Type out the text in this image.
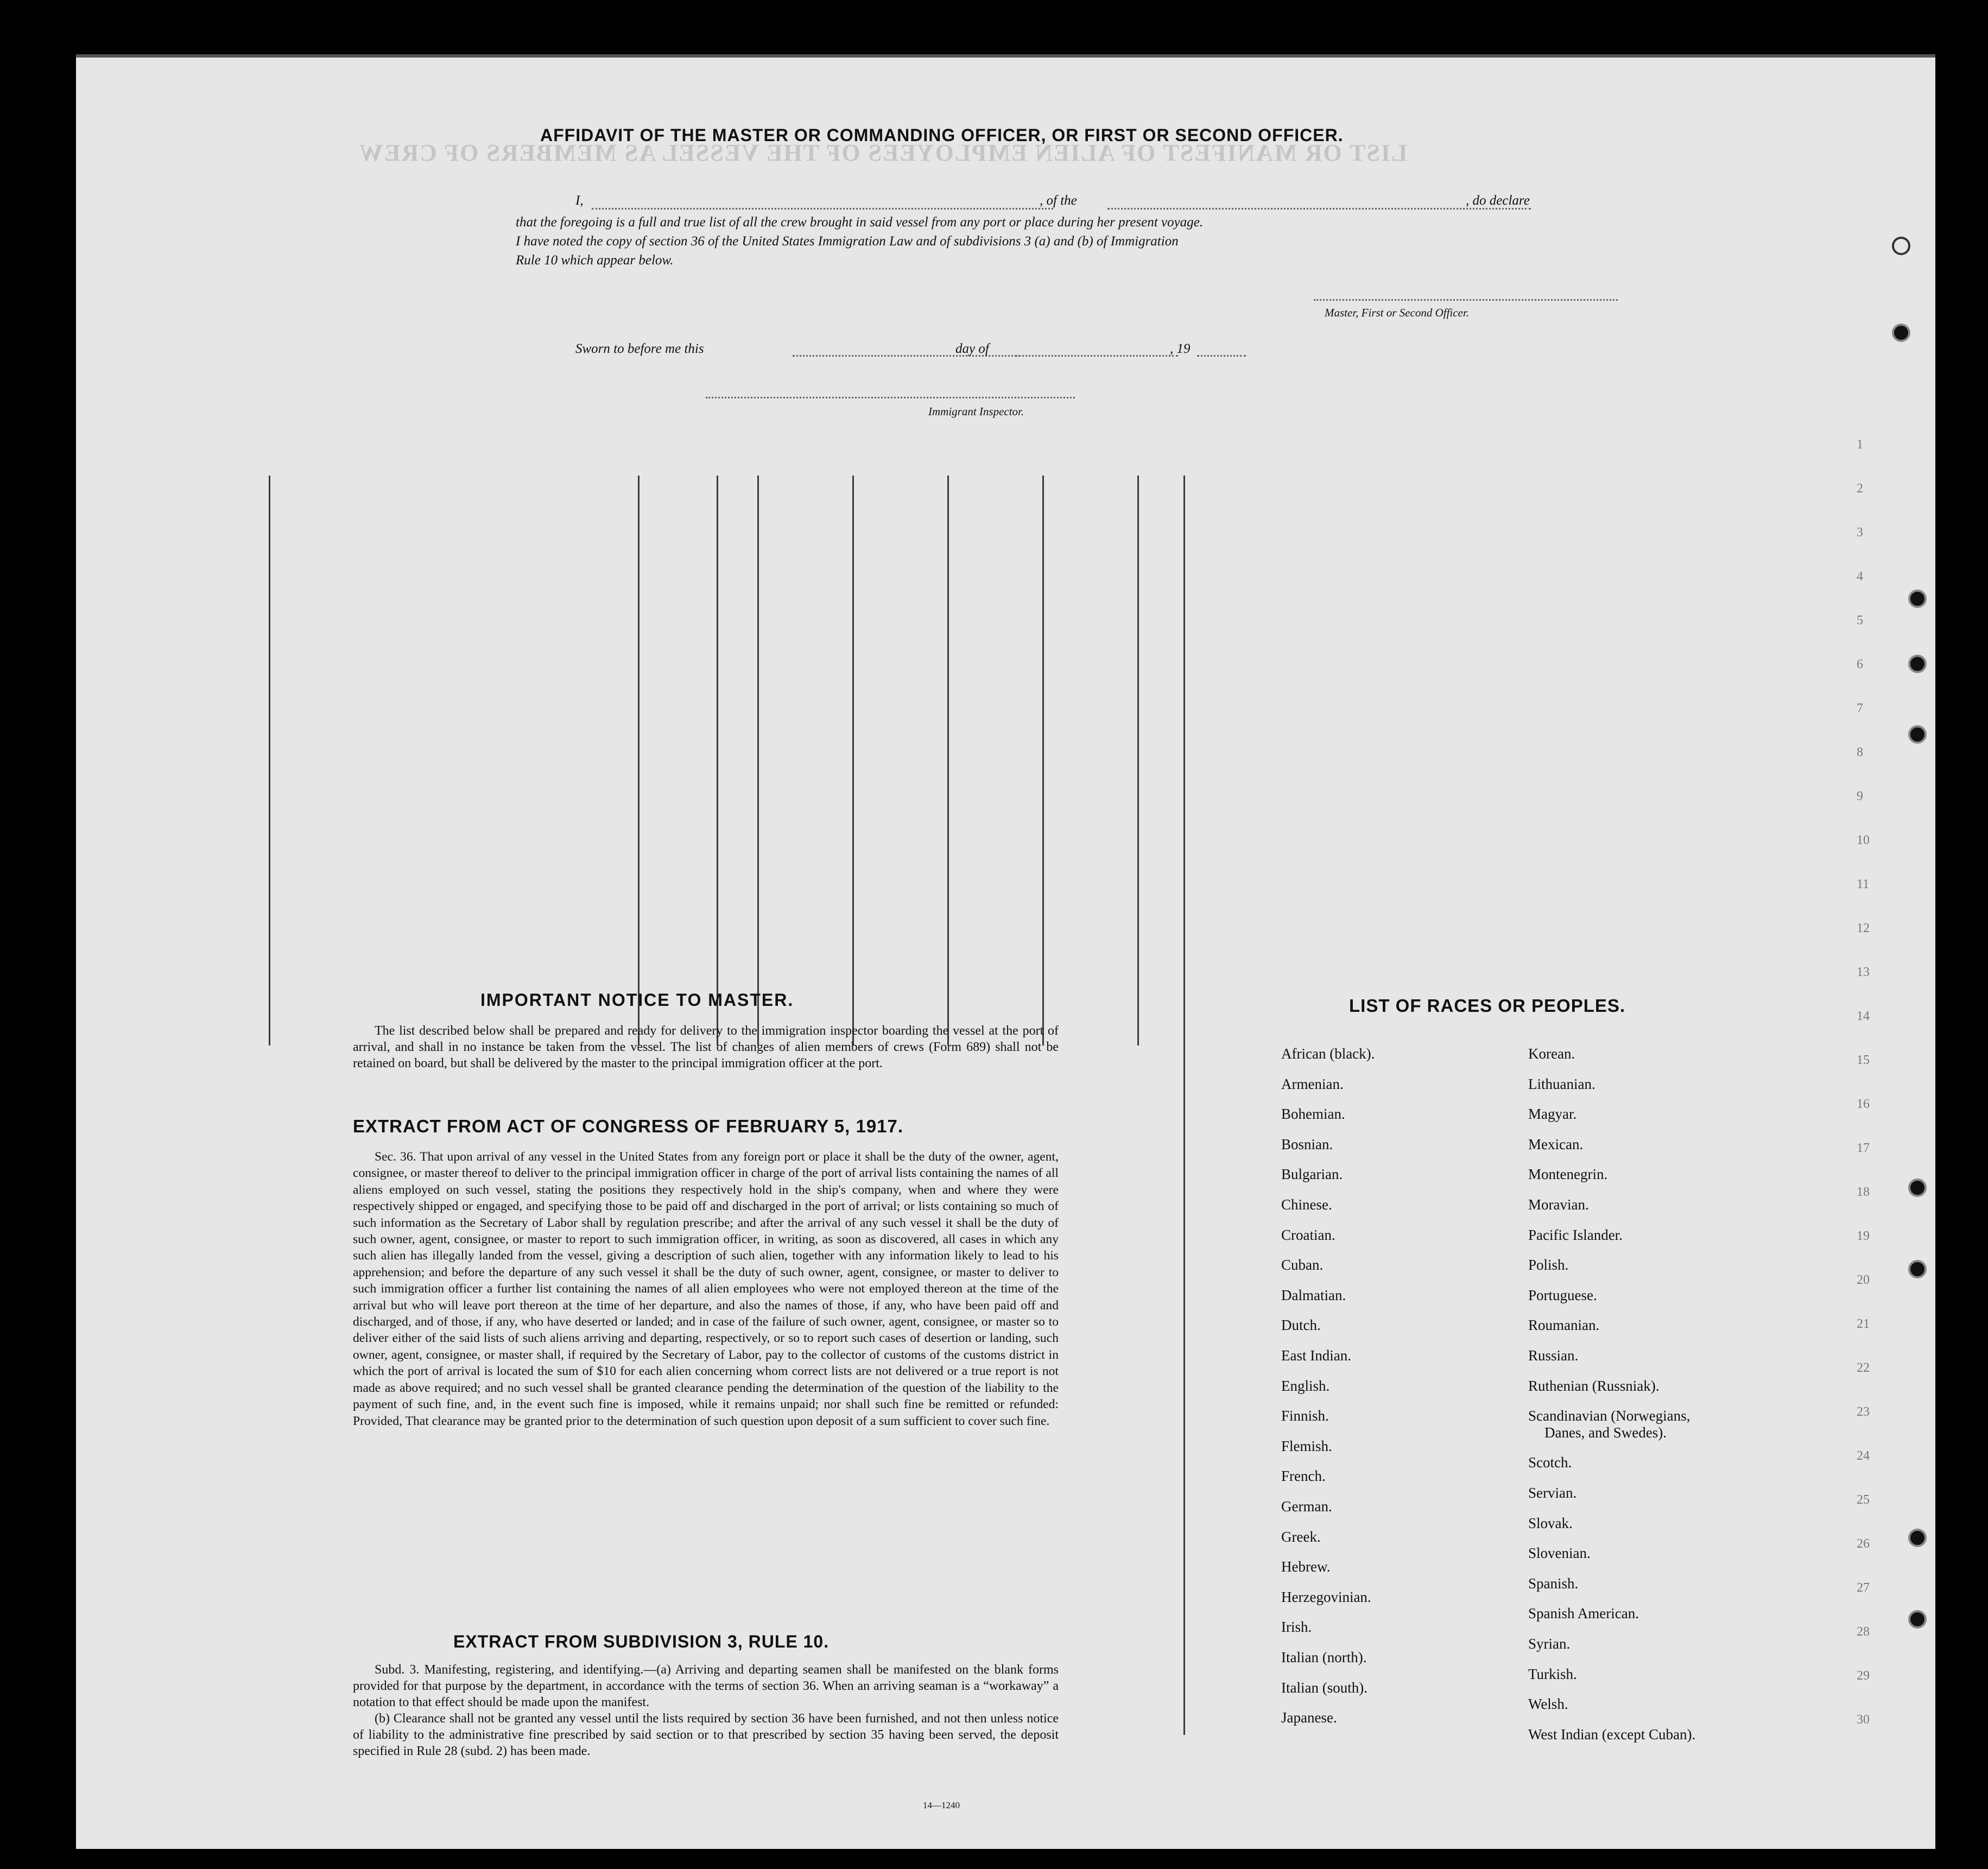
LIST OR MANIFEST OF ALIEN EMPLOYEES OF THE VESSEL AS MEMBERS OF CREW
AFFIDAVIT OF THE MASTER OR COMMANDING OFFICER, OR FIRST OR SECOND OFFICER.
I,	, of the	, do declare
that the foregoing is a full and true list of all the crew brought in said vessel from any port or place during her present voyage.
I have noted the copy of section 36 of the United States Immigration Law and of subdivisions 3 (a) and (b) of Immigration
Rule 10 which appear below.
Master, First or Second Officer.
Sworn to before me this	day of	, 19
Immigrant Inspector.
IMPORTANT NOTICE TO MASTER.

The list described below shall be prepared and ready for delivery to the immigration inspector boarding the vessel at the port of arrival, and shall in no instance be taken from the vessel. The list of changes of alien members of crews (Form 689) shall not be retained on board, but shall be delivered by the master to the principal immigration officer at the port.

EXTRACT FROM ACT OF CONGRESS OF FEBRUARY 5, 1917.

Sec. 36. That upon arrival of any vessel in the United States from any foreign port or place it shall be the duty of the owner, agent, consignee, or master thereof to deliver to the principal immigration officer in charge of the port of arrival lists containing the names of all aliens employed on such vessel, stating the positions they respectively hold in the ship's company, when and where they were respectively shipped or engaged, and specifying those to be paid off and discharged in the port of arrival; or lists containing so much of such information as the Secretary of Labor shall by regulation prescribe; and after the arrival of any such vessel it shall be the duty of such owner, agent, consignee, or master to report to such immigration officer, in writing, as soon as discovered, all cases in which any such alien has illegally landed from the vessel, giving a description of such alien, together with any information likely to lead to his apprehension; and before the departure of any such vessel it shall be the duty of such owner, agent, consignee, or master to deliver to such immigration officer a further list containing the names of all alien employees who were not employed thereon at the time of the arrival but who will leave port thereon at the time of her departure, and also the names of those, if any, who have been paid off and discharged, and of those, if any, who have deserted or landed; and in case of the failure of such owner, agent, consignee, or master so to deliver either of the said lists of such aliens arriving and departing, respectively, or so to report such cases of desertion or landing, such owner, agent, consignee, or master shall, if required by the Secretary of Labor, pay to the collector of customs of the customs district in which the port of arrival is located the sum of $10 for each alien concerning whom correct lists are not delivered or a true report is not made as above required; and no such vessel shall be granted clearance pending the determination of the question of the liability to the payment of such fine, and, in the event such fine is imposed, while it remains unpaid; nor shall such fine be remitted or refunded: Provided, That clearance may be granted prior to the determination of such question upon deposit of a sum sufficient to cover such fine.

EXTRACT FROM SUBDIVISION 3, RULE 10.

Subd. 3. Manifesting, registering, and identifying.—(a) Arriving and departing seamen shall be manifested on the blank forms provided for that purpose by the department, in accordance with the terms of section 36. When an arriving seaman is a “workaway” a notation to that effect should be made upon the manifest.

(b) Clearance shall not be granted any vessel until the lists required by section 36 have been furnished, and not then unless notice of liability to the administrative fine prescribed by said section or to that prescribed by section 35 having been served, the deposit specified in Rule 28 (subd. 2) has been made.

14—1240
LIST OF RACES OR PEOPLES.
African (black).
Armenian.
Bohemian.
Bosnian.
Bulgarian.
Chinese.
Croatian.
Cuban.
Dalmatian.
Dutch.
East Indian.
English.
Finnish.
Flemish.
French.
German.
Greek.
Hebrew.
Herzegovinian.
Irish.
Italian (north).
Italian (south).
Japanese.
Korean.
Lithuanian.
Magyar.
Mexican.
Montenegrin.
Moravian.
Pacific Islander.
Polish.
Portuguese.
Roumanian.
Russian.
Ruthenian (Russniak).
Scandinavian (Norwegians,
Danes, and Swedes).
Scotch.
Servian.
Slovak.
Slovenian.
Spanish.
Spanish American.
Syrian.
Turkish.
Welsh.
West Indian (except Cuban).
1
2
3
4
5
6
7
8
9
10
11
12
13
14
15
16
17
18
19
20
21
22
23
24
25
26
27
28
29
30
